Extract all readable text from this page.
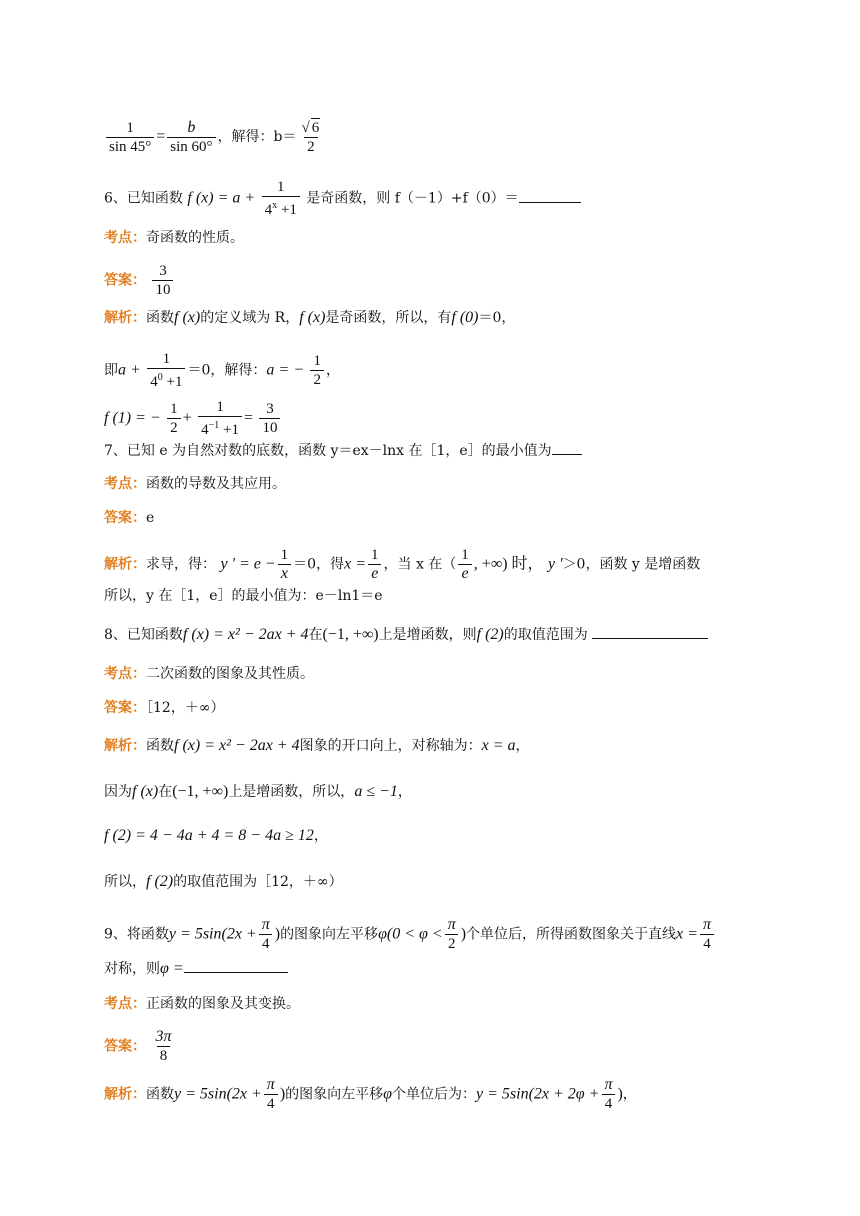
$\frac{1}{\sin 45^\circ} = \frac{b}{\sin 60^\circ}$ ，解得：$b= \frac{√ 6}{2}$
6、已知函数 f $(x) = a + \frac{1}{4^x +1}$ 是奇函数，则 f（－1）+f（0）＝
考点：奇函数的性质。
答案： $\frac{3}{10}$
解析：函数f (x)的定义域为 R，f (x)是奇函数，所以，有f (0)＝0，
即$a + \frac{1}{4^0 +1} =0$，解得：a = − $\frac{1}{2}$ ，
f (1) = − $\frac{1}{2} + \frac{1}{4^{-1} +1} = \frac{3}{10}$
7、已知 e 为自然对数的底数，函数 y＝ex－lnx 在［1，e］的最小值为
考点：函数的导数及其应用。
答案：e
解析：求导，得： y ' = $e - \frac{1}{x} =0$，得$x = \frac{1}{e}$ ，当 x 在（ $\frac{1}{e}$ , +∞) 时， y '＞0，函数 y 是增函数
所以，y 在［1，e］的最小值为：e－ln1＝e
8、已知函数f (x) = x² − 2ax + 4在(−1, +∞)上是增函数，则f (2)的取值范围为
考点：二次函数的图象及其性质。
答案：［12，＋∞）
解析：函数f (x) = x² − 2ax + 4图象的开口向上，对称轴为：x = a，
因为f (x)在(−1, +∞)上是增函数，所以，a ≤ −1，
f (2) = 4 − 4a + 4 = 8 − 4a ≥ 12，
所以，f (2)的取值范围为［12，＋∞）
9、将函数$y = 5\sin(2x + \frac{\pi}{4}$ )的图象向左平移$\varphi(0 < \varphi < \frac{\pi}{2}$ )个单位后，所得函数图象关于直线$x = \frac{\pi}{4}$
对称，则φ =
考点：正函数的图象及其变换。
答案： $\frac{3\pi}{8}$
解析：函数$y = 5\sin(2x + \frac{\pi}{4}$ )的图象向左平移φ个单位后为：$y = 5\sin(2x + 2\varphi + \frac{\pi}{4}$ )，
